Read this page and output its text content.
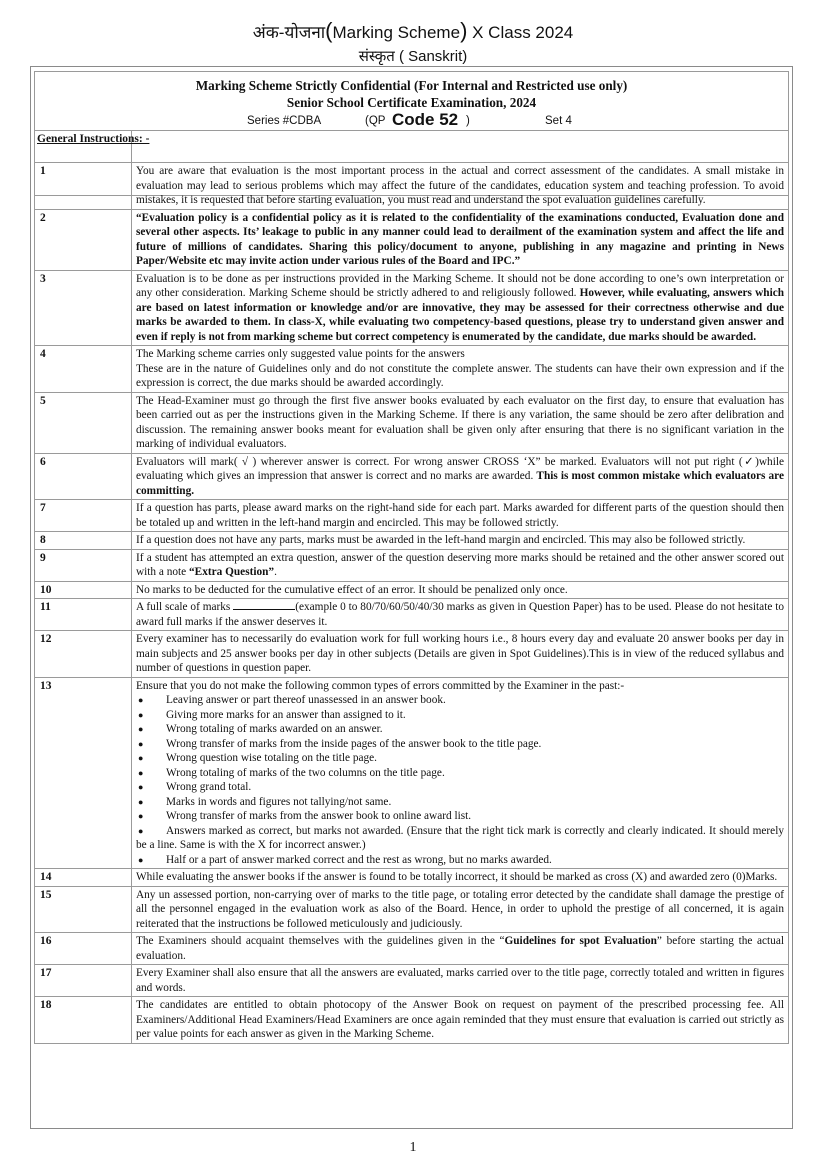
अंक-योजना(Marking Scheme) X Class 2024
संस्कृत ( Sanskrit)
Marking Scheme Strictly Confidential (For Internal and Restricted use only)
Senior School Certificate Examination, 2024
Series #CDBA	(QP Code 52 )	Set 4
General Instructions: -
1	You are aware that evaluation is the most important process in the actual and correct assessment of the candidates. A small mistake in evaluation may lead to serious problems which may affect the future of the candidates, education system and teaching profession. To avoid mistakes, it is requested that before starting evaluation, you must read and understand the spot evaluation guidelines carefully.
2	“Evaluation policy is a confidential policy as it is related to the confidentiality of the examinations conducted, Evaluation done and several other aspects. Its’ leakage to public in any manner could lead to derailment of the examination system and affect the life and future of millions of candidates. Sharing this policy/document to anyone, publishing in any magazine and printing in News Paper/Website etc may invite action under various rules of the Board and IPC.”
3	Evaluation is to be done as per instructions provided in the Marking Scheme. It should not be done according to one’s own interpretation or any other consideration. Marking Scheme should be strictly adhered to and religiously followed. However, while evaluating, answers which are based on latest information or knowledge and/or are innovative, they may be assessed for their correctness otherwise and due marks be awarded to them. In class-X, while evaluating two competency-based questions, please try to understand given answer and even if reply is not from marking scheme but correct competency is enumerated by the candidate, due marks should be awarded.
4	The Marking scheme carries only suggested value points for the answers
These are in the nature of Guidelines only and do not constitute the complete answer. The students can have their own expression and if the expression is correct, the due marks should be awarded accordingly.
5	The Head-Examiner must go through the first five answer books evaluated by each evaluator on the first day, to ensure that evaluation has been carried out as per the instructions given in the Marking Scheme. If there is any variation, the same should be zero after delibration and discussion. The remaining answer books meant for evaluation shall be given only after ensuring that there is no significant variation in the marking of individual evaluators.
6	Evaluators will mark( √ ) wherever answer is correct. For wrong answer CROSS ‘X” be marked. Evaluators will not put right (✓)while evaluating which gives an impression that answer is correct and no marks are awarded. This is most common mistake which evaluators are committing.
7	If a question has parts, please award marks on the right-hand side for each part. Marks awarded for different parts of the question should then be totaled up and written in the left-hand margin and encircled. This may be followed strictly.
8	If a question does not have any parts, marks must be awarded in the left-hand margin and encircled. This may also be followed strictly.
9	If a student has attempted an extra question, answer of the question deserving more marks should be retained and the other answer scored out with a note “Extra Question”.
10	No marks to be deducted for the cumulative effect of an error. It should be penalized only once.
11	A full scale of marks	(example 0 to 80/70/60/50/40/30 marks as given in Question Paper) has to be used. Please do not hesitate to award full marks if the answer deserves it.
12	Every examiner has to necessarily do evaluation work for full working hours i.e., 8 hours every day and evaluate 20 answer books per day in main subjects and 25 answer books per day in other subjects (Details are given in Spot Guidelines).This is in view of the reduced syllabus and number of questions in question paper.
13	Ensure that you do not make the following common types of errors committed by the Examiner in the past:-
● Leaving answer or part thereof unassessed in an answer book.
● Giving more marks for an answer than assigned to it.
● Wrong totaling of marks awarded on an answer.
● Wrong transfer of marks from the inside pages of the answer book to the title page.
● Wrong question wise totaling on the title page.
● Wrong totaling of marks of the two columns on the title page.
● Wrong grand total.
● Marks in words and figures not tallying/not same.
● Wrong transfer of marks from the answer book to online award list.
● Answers marked as correct, but marks not awarded. (Ensure that the right tick mark is correctly and clearly indicated. It should merely be a line. Same is with the X for incorrect answer.)
● Half or a part of answer marked correct and the rest as wrong, but no marks awarded.
14	While evaluating the answer books if the answer is found to be totally incorrect, it should be marked as cross (X) and awarded zero (0)Marks.
15	Any un assessed portion, non-carrying over of marks to the title page, or totaling error detected by the candidate shall damage the prestige of all the personnel engaged in the evaluation work as also of the Board. Hence, in order to uphold the prestige of all concerned, it is again reiterated that the instructions be followed meticulously and judiciously.
16	The Examiners should acquaint themselves with the guidelines given in the “Guidelines for spot Evaluation” before starting the actual evaluation.
17	Every Examiner shall also ensure that all the answers are evaluated, marks carried over to the title page, correctly totaled and written in figures and words.
18	The candidates are entitled to obtain photocopy of the Answer Book on request on payment of the prescribed processing fee. All Examiners/Additional Head Examiners/Head Examiners are once again reminded that they must ensure that evaluation is carried out strictly as per value points for each answer as given in the Marking Scheme.
1
